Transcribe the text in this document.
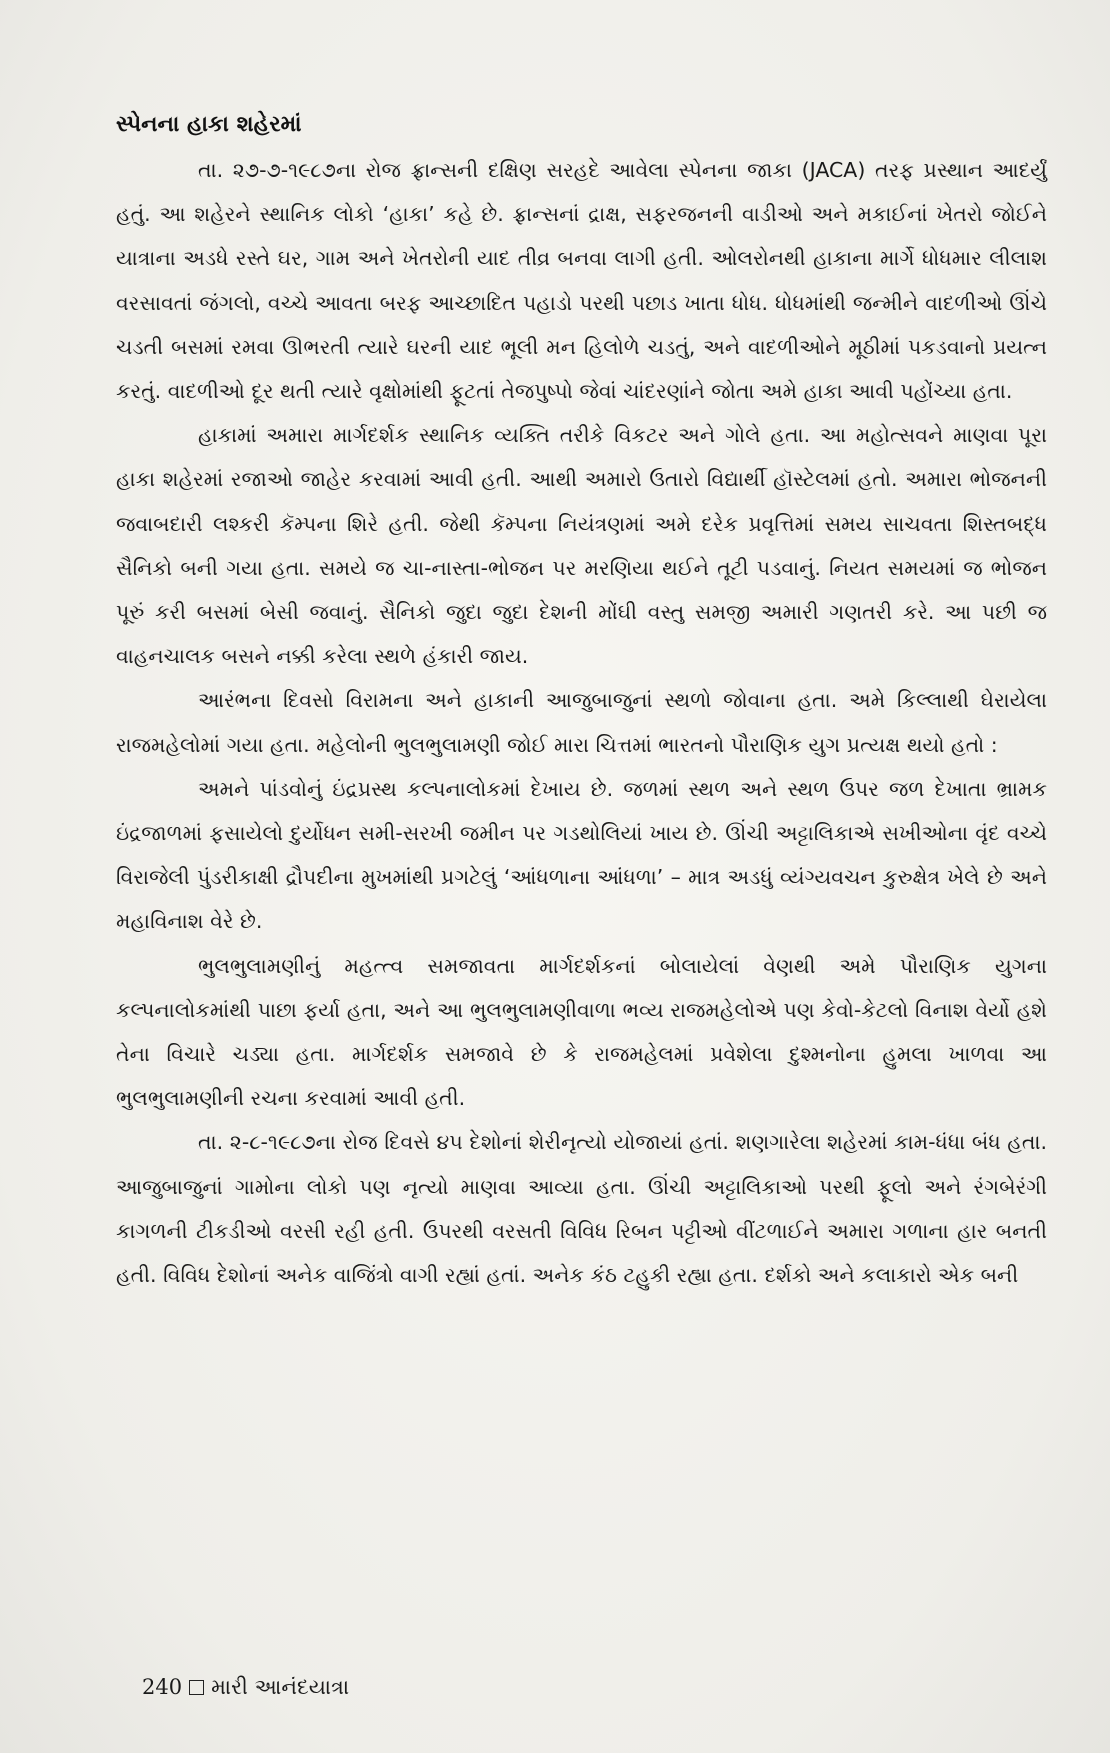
સ્પેનના હાકા શહેરમાં

તા. ૨૭-૭-૧૯૮૭ના રોજ ફ્રાન્સની દક્ષિણ સરહદે આવેલા સ્પેનના જાકા (JACA) તરફ પ્રસ્થાન આદર્યું હતું. આ શહેરને સ્થાનિક લોકો ‘હાકા’ કહે છે. ફ્રાન્સનાં દ્રાક્ષ, સફરજનની વાડીઓ અને મકાઈનાં ખેતરો જોઈને યાત્રાના અડધે રસ્તે ઘર, ગામ અને ખેતરોની યાદ તીવ્ર બનવા લાગી હતી. ઓલરોનથી હાકાના માર્ગે ધોધમાર લીલાશ વરસાવતાં જંગલો, વચ્ચે આવતા બરફ આચ્છાદિત પહાડો પરથી પછાડ ખાતા ધોધ. ધોધમાંથી જન્મીને વાદળીઓ ઊંચે ચડતી બસમાં રમવા ઊભરતી ત્યારે ઘરની યાદ ભૂલી મન હિલોળે ચડતું, અને વાદળીઓને મૂઠીમાં પકડવાનો પ્રયત્ન કરતું. વાદળીઓ દૂર થતી ત્યારે વૃક્ષોમાંથી ફૂટતાં તેજપુષ્પો જેવાં ચાંદરણાંને જોતા અમે હાકા આવી પહોંચ્યા હતા.

હાકામાં અમારા માર્ગદર્શક સ્થાનિક વ્યક્તિ તરીકે વિકટર અને ગોલે હતા. આ મહોત્સવને માણવા પૂરા હાકા શહેરમાં રજાઓ જાહેર કરવામાં આવી હતી. આથી અમારો ઉતારો વિદ્યાર્થી હૉસ્ટેલમાં હતો. અમારા ભોજનની જવાબદારી લશ્કરી કૅમ્પના શિરે હતી. જેથી કૅમ્પના નિયંત્રણમાં અમે દરેક પ્રવૃત્તિમાં સમય સાચવતા શિસ્તબદ્ધ સૈનિકો બની ગયા હતા. સમયે જ ચા-નાસ્તા-ભોજન પર મરણિયા થઈને તૂટી પડવાનું. નિયત સમયમાં જ ભોજન પૂરું કરી બસમાં બેસી જવાનું. સૈનિકો જુદા જુદા દેશની મોંઘી વસ્તુ સમજી અમારી ગણતરી કરે. આ પછી જ વાહનચાલક બસને નક્કી કરેલા સ્થળે હંકારી જાય.

આરંભના દિવસો વિરામના અને હાકાની આજુબાજુનાં સ્થળો જોવાના હતા. અમે કિલ્લાથી ઘેરાયેલા રાજમહેલોમાં ગયા હતા. મહેલોની ભુલભુલામણી જોઈ મારા ચિત્તમાં ભારતનો પૌરાણિક યુગ પ્રત્યક્ષ થયો હતો :

અમને પાંડવોનું ઇંદ્રપ્રસ્થ કલ્પનાલોકમાં દેખાય છે. જળમાં સ્થળ અને સ્થળ ઉપર જળ દેખાતા ભ્રામક ઇંદ્રજાળમાં ફસાયેલો દુર્યોધન સમી-સરખી જમીન પર ગડથોલિયાં ખાય છે. ઊંચી અટ્ટાલિકાએ સખીઓના વૃંદ વચ્ચે વિરાજેલી પુંડરીકાક્ષી દ્રૌપદીના મુખમાંથી પ્રગટેલું ‘આંધળાના આંધળા’ – માત્ર અડધું વ્યંગ્યવચન કુરુક્ષેત્ર ખેલે છે અને મહાવિનાશ વેરે છે.

ભુલભુલામણીનું મહત્ત્વ સમજાવતા માર્ગદર્શકનાં બોલાયેલાં વેણથી અમે પૌરાણિક યુગના કલ્પનાલોકમાંથી પાછા ફર્યા હતા, અને આ ભુલભુલામણીવાળા ભવ્ય રાજમહેલોએ પણ કેવો-કેટલો વિનાશ વેર્યો હશે તેના વિચારે ચડ્યા હતા. માર્ગદર્શક સમજાવે છે કે રાજમહેલમાં પ્રવેશેલા દુશ્મનોના હુમલા ખાળવા આ ભુલભુલામણીની રચના કરવામાં આવી હતી.

તા. ૨-૮-૧૯૮૭ના રોજ દિવસે ૪૫ દેશોનાં શેરીનૃત્યો યોજાયાં હતાં. શણગારેલા શહેરમાં કામ-ધંધા બંધ હતા. આજુબાજુનાં ગામોના લોકો પણ નૃત્યો માણવા આવ્યા હતા. ઊંચી અટ્ટાલિકાઓ પરથી ફૂલો અને રંગબેરંગી કાગળની ટીકડીઓ વરસી રહી હતી. ઉપરથી વરસતી વિવિધ રિબન પટ્ટીઓ વીંટળાઈને અમારા ગળાના હાર બનતી હતી. વિવિધ દેશોનાં અનેક વાજિંત્રો વાગી રહ્યાં હતાં. અનેક કંઠ ટહુકી રહ્યા હતા. દર્શકો અને કલાકારો એક બની

240 મારી આનંદયાત્રા
